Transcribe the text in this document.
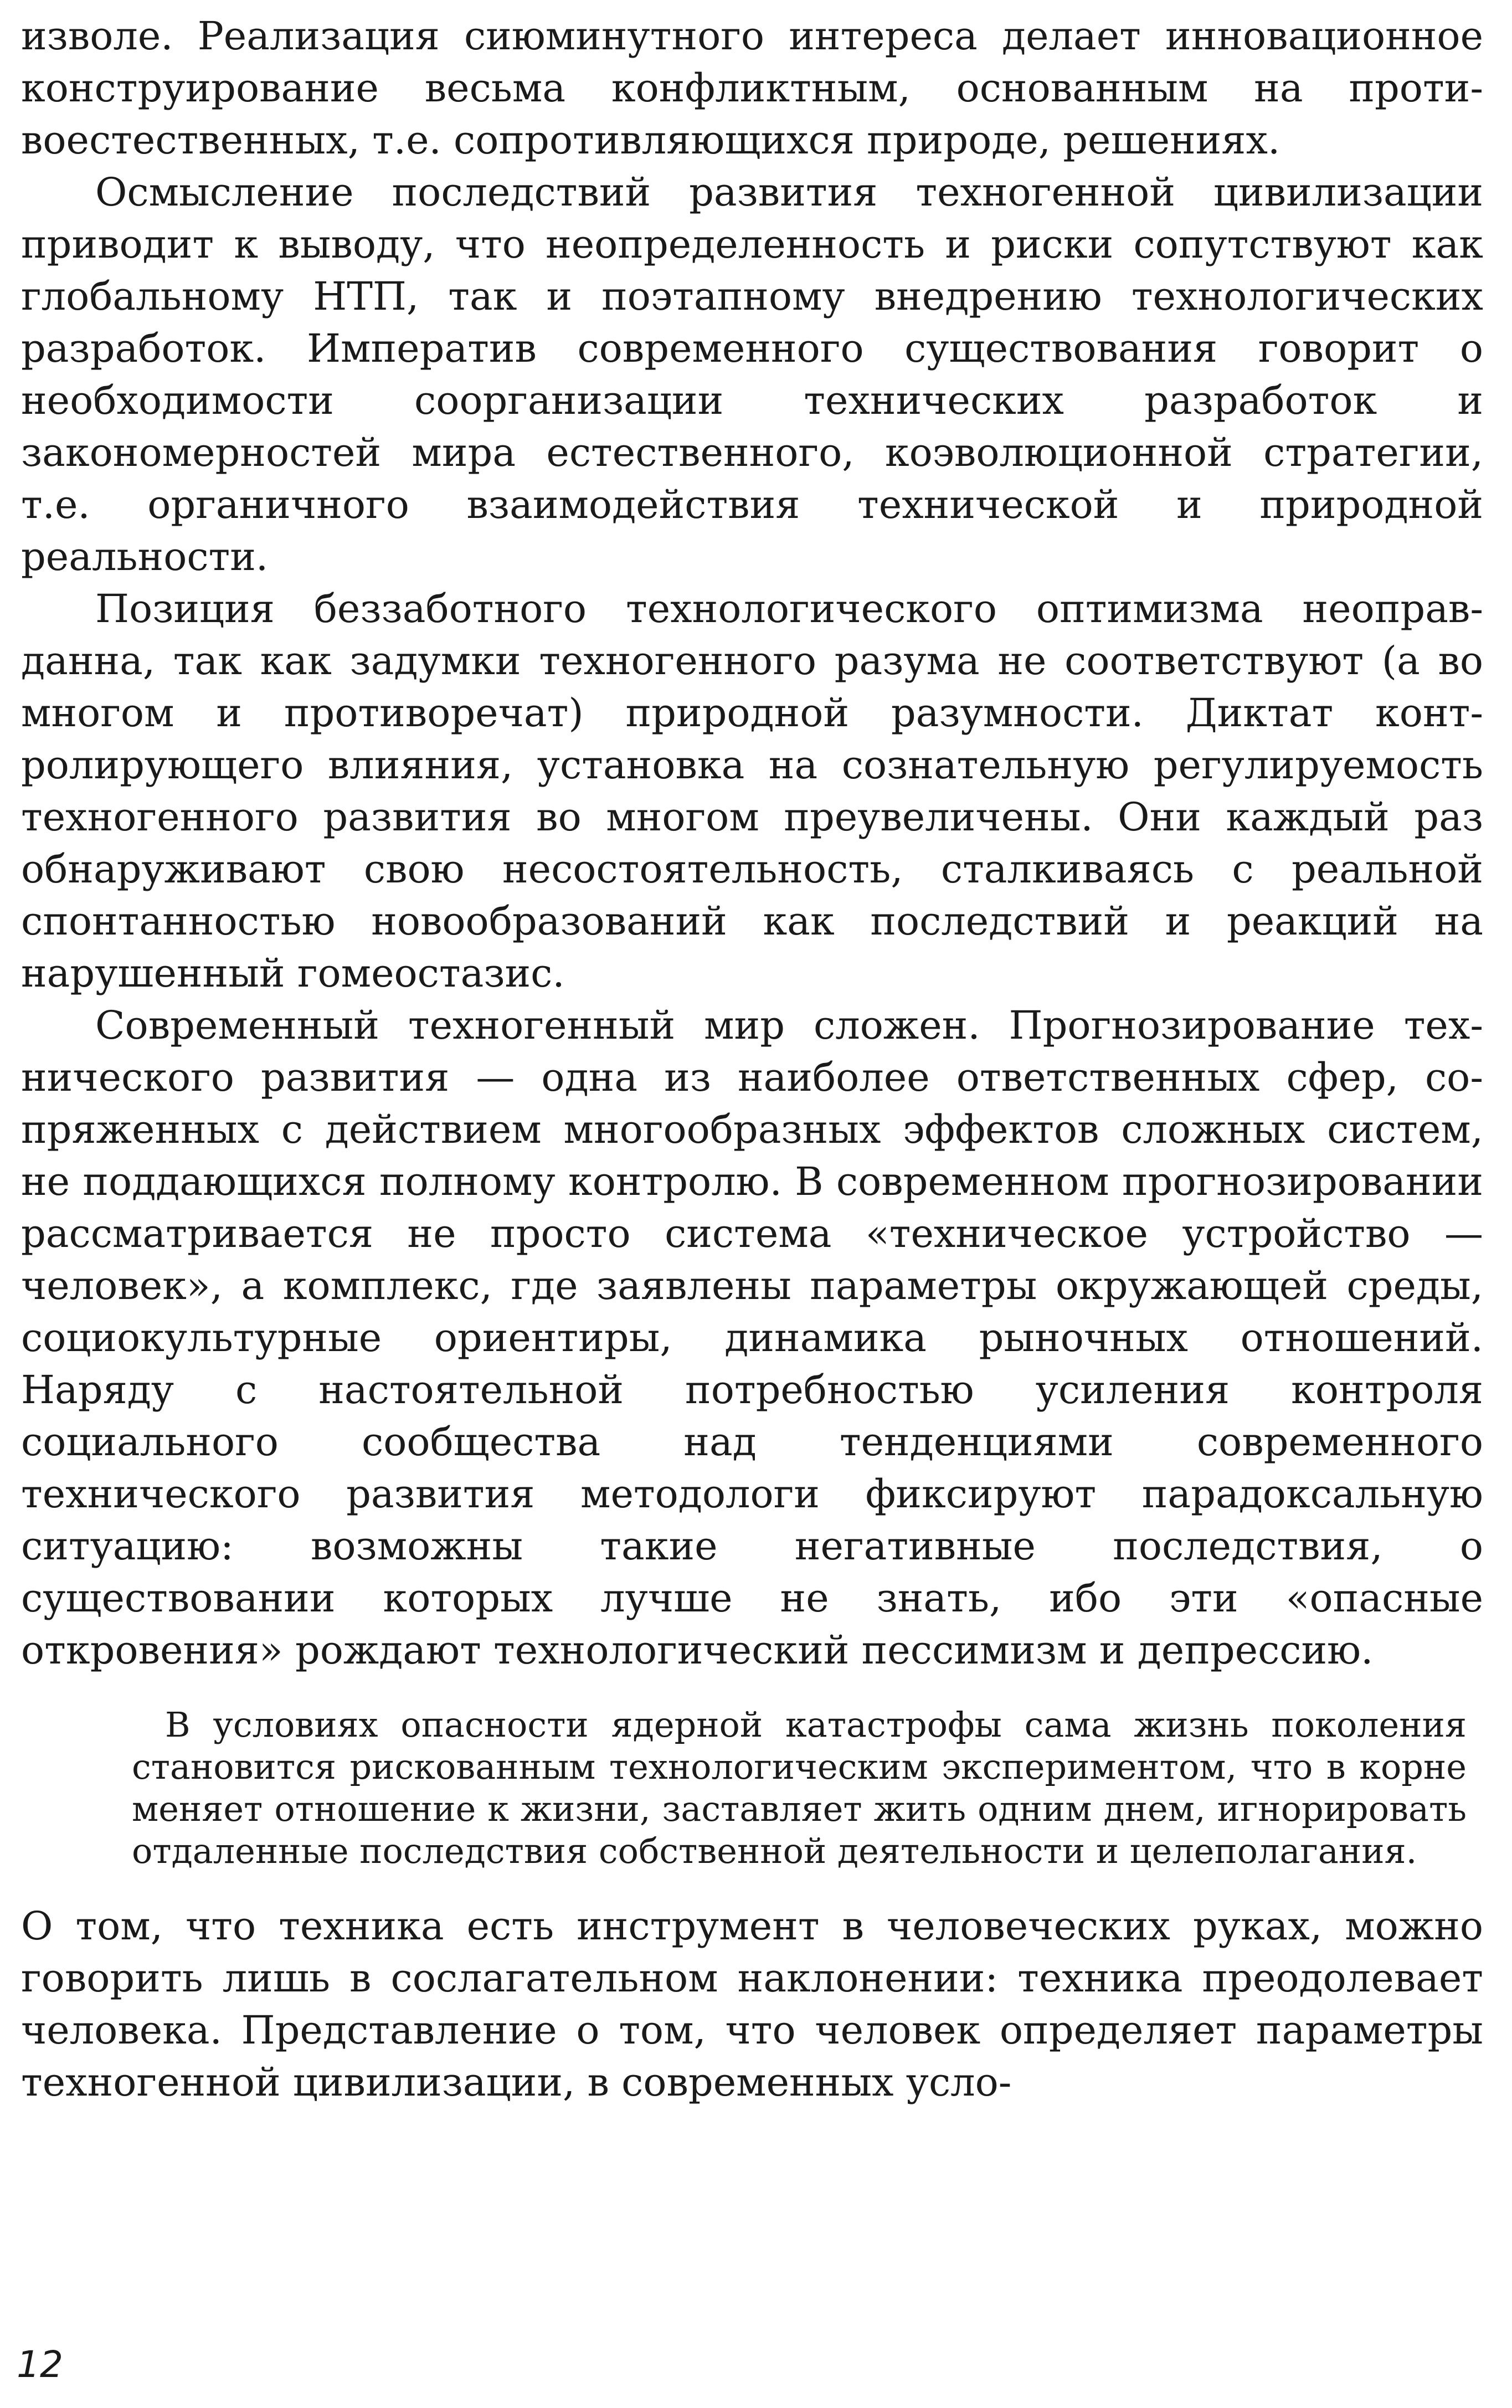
изволе. Реализация сиюминутного интереса делает инновационное конструирование весьма конфликтным, основанным на противоестественных, т.е. сопротивляющихся природе, решениях.

Осмысление последствий развития техногенной цивилизации приводит к выводу, что неопределенность и риски сопутствуют как глобальному НТП, так и поэтапному внедрению технологических разработок. Императив современного существования говорит о необходимости соорганизации технических разработок и закономерностей мира естественного, коэволюционной стратегии, т.е. органичного взаимодействия технической и природной реальности.

Позиция беззаботного технологического оптимизма неоправданна, так как задумки техногенного разума не соответствуют (а во многом и противоречат) природной разумности. Диктат контролирующего влияния, установка на сознательную регулируемость техногенного развития во многом преувеличены. Они каждый раз обнаруживают свою несостоятельность, сталкиваясь с реальной спонтанностью новообразований как последствий и реакций на нарушенный гомеостазис.

Современный техногенный мир сложен. Прогнозирование технического развития — одна из наиболее ответственных сфер, сопряженных с действием многообразных эффектов сложных систем, не поддающихся полному контролю. В современном прогнозировании рассматривается не просто система «техническое устройство — человек», а комплекс, где заявлены параметры окружающей среды, социокультурные ориентиры, динамика рыночных отношений. Наряду с настоятельной потребностью усиления контроля социального сообщества над тенденциями современного технического развития методологи фиксируют парадоксальную ситуацию: возможны такие негативные последствия, о существовании которых лучше не знать, ибо эти «опасные откровения» рождают технологический пессимизм и депрессию.

В условиях опасности ядерной катастрофы сама жизнь поколения становится рискованным технологическим экспериментом, что в корне меняет отношение к жизни, заставляет жить одним днем, игнорировать отдаленные последствия собственной деятельности и целеполагания.

О том, что техника есть инструмент в человеческих руках, можно говорить лишь в сослагательном наклонении: техника преодолевает человека. Представление о том, что человек определяет параметры техногенной цивилизации, в современных усло-

12
